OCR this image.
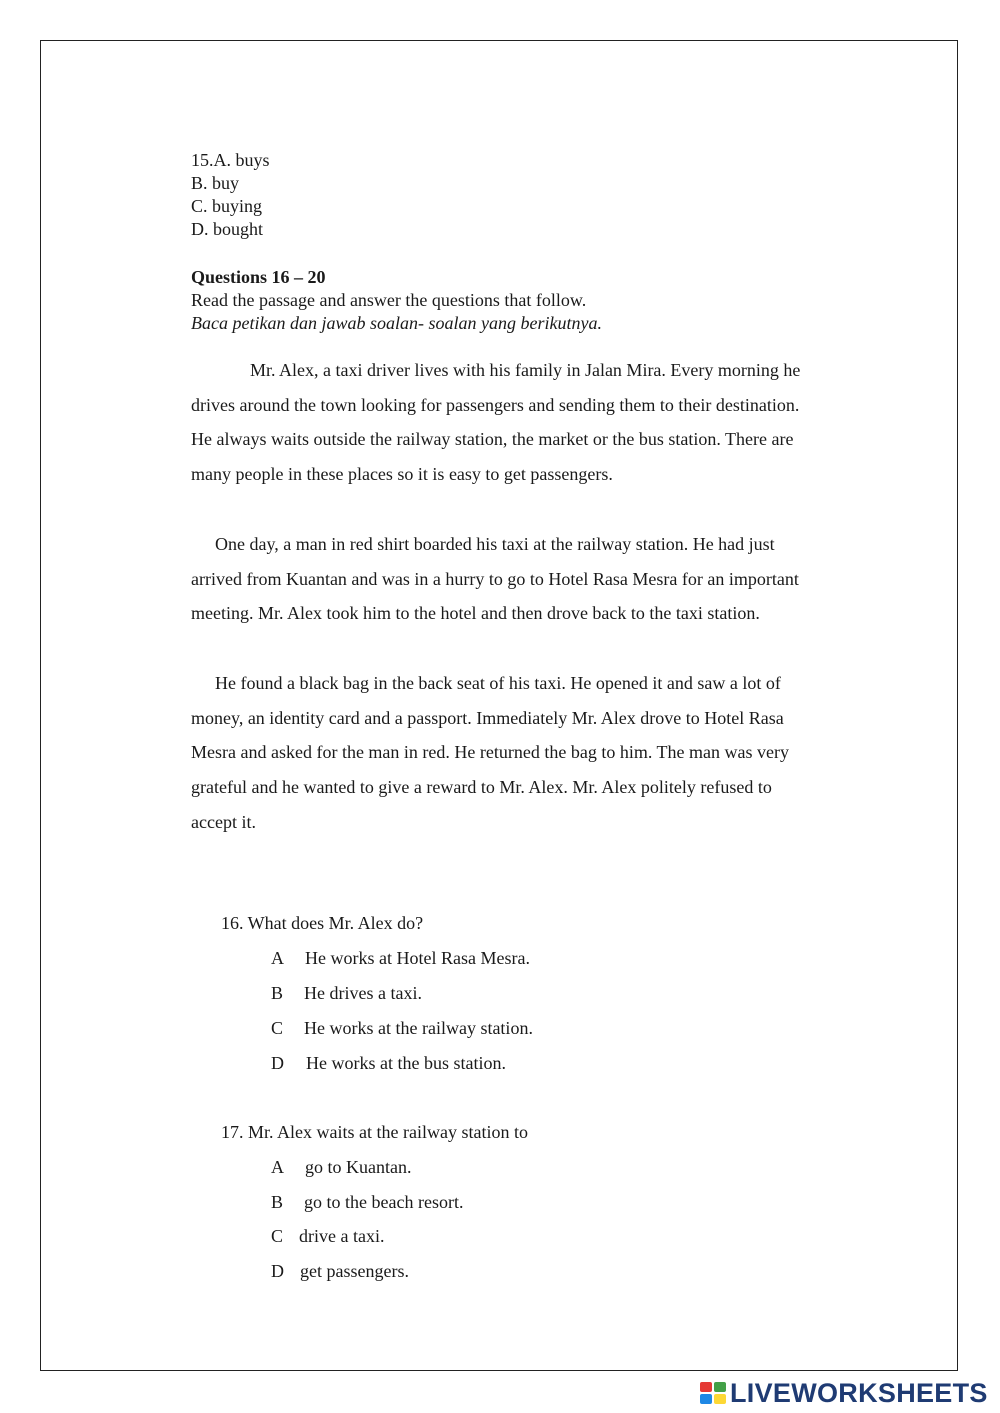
15.A. buys
B. buy
C. buying
D. bought
Questions 16 – 20
Read the passage and answer the questions that follow.
Baca petikan dan jawab soalan- soalan yang berikutnya.
Mr. Alex, a taxi driver lives with his family in Jalan Mira. Every morning he
drives around the town looking for passengers and sending them to their destination.
He always waits outside the railway station, the market or the bus station. There are
many people in these places so it is easy to get passengers.
One day, a man in red shirt boarded his taxi at the railway station. He had just
arrived from Kuantan and was in a hurry to go to Hotel Rasa Mesra for an important
meeting. Mr. Alex took him to the hotel and then drove back to the taxi station.
He found a black bag in the back seat of his taxi. He opened it and saw a lot of
money, an identity card and a passport. Immediately Mr. Alex drove to Hotel Rasa
Mesra and asked for the man in red. He returned the bag to him. The man was very
grateful and he wanted to give a reward to Mr. Alex. Mr. Alex politely refused to
accept it.
16. What does Mr. Alex do?
A He works at Hotel Rasa Mesra.
B He drives a taxi.
C He works at the railway station.
D He works at the bus station.
17. Mr. Alex waits at the railway station to
A go to Kuantan.
B go to the beach resort.
C drive a taxi.
D get passengers.
LIVEWORKSHEETS
